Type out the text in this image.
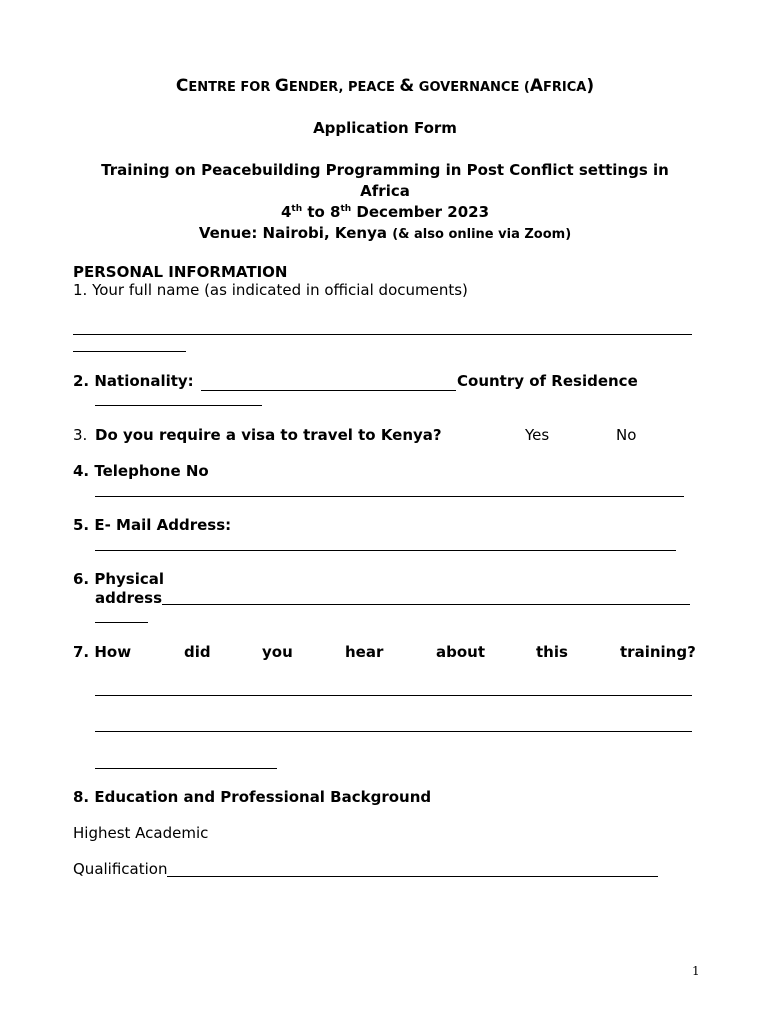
CENTRE FOR GENDER, PEACE & GOVERNANCE (AFRICA)
Application Form
Training on Peacebuilding Programming in Post Conflict settings in
Africa
4th to 8th December 2023
Venue: Nairobi, Kenya (& also online via Zoom)
PERSONAL INFORMATION
1. Your full name (as indicated in official documents)
2. Nationality:	Country of Residence
3. Do you require a visa to travel to Kenya?	Yes	No
4. Telephone No
5. E- Mail Address:
6. Physical
address
7. How	did	you	hear	about	this	training?
8. Education and Professional Background
Highest Academic
Qualification
1
